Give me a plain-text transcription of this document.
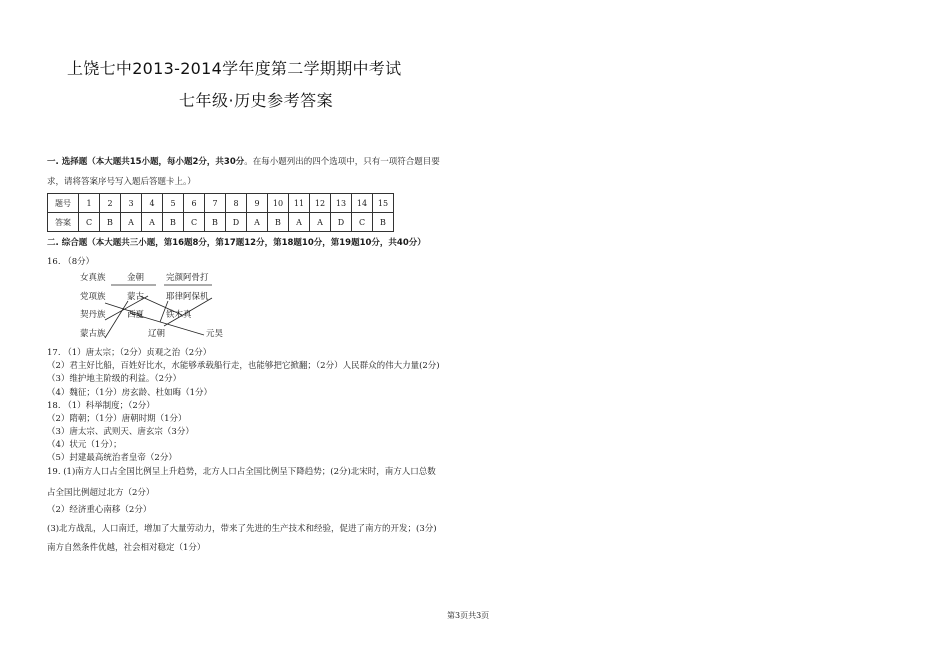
上饶七中2013-2014学年度第二学期期中考试
七年级·历史参考答案
一. 选择题（本大题共15小题，每小题2分，共30分。在每小题列出的四个选项中，只有一项符合题目要
求，请将答案序号写入题后答题卡上。）
题号	1	2	3	4	5	6	7	8	9	10	11	12	13	14	15
答案	C	B	A	A	B	C	B	D	A	B	A	A	D	C	B
二. 综合题（本大题共三小题，第16题8分，第17题12分，第18题10分，第19题10分，共40分）
16. （8分）
女真族
党项族
契丹族
蒙古族
金朝
蒙古
西夏
辽朝
完颜阿骨打
耶律阿保机
铁木真
元昊
17. （1）唐太宗；（2分）贞观之治（2分）
（2）君主好比船，百姓好比水，水能够承载船行走，也能够把它掀翻；（2分）人民群众的伟大力量(2分)
（3）维护地主阶级的利益。（2分）
（4）魏征；（1分）房玄龄、杜如晦（1分）
18. （1）科举制度；（2分）
（2）隋朝；（1分）唐朝时期（1分）
（3）唐太宗、武则天、唐玄宗（3分）
（4）状元（1分）；
（5）封建最高统治者皇帝（2分）
19. (1)南方人口占全国比例呈上升趋势，北方人口占全国比例呈下降趋势；(2分)北宋时，南方人口总数
占全国比例超过北方（2分）
（2）经济重心南移（2分）
(3)北方战乱，人口南迁，增加了大量劳动力，带来了先进的生产技术和经验，促进了南方的开发；(3分)
南方自然条件优越，社会相对稳定（1分）
第3页共3页
